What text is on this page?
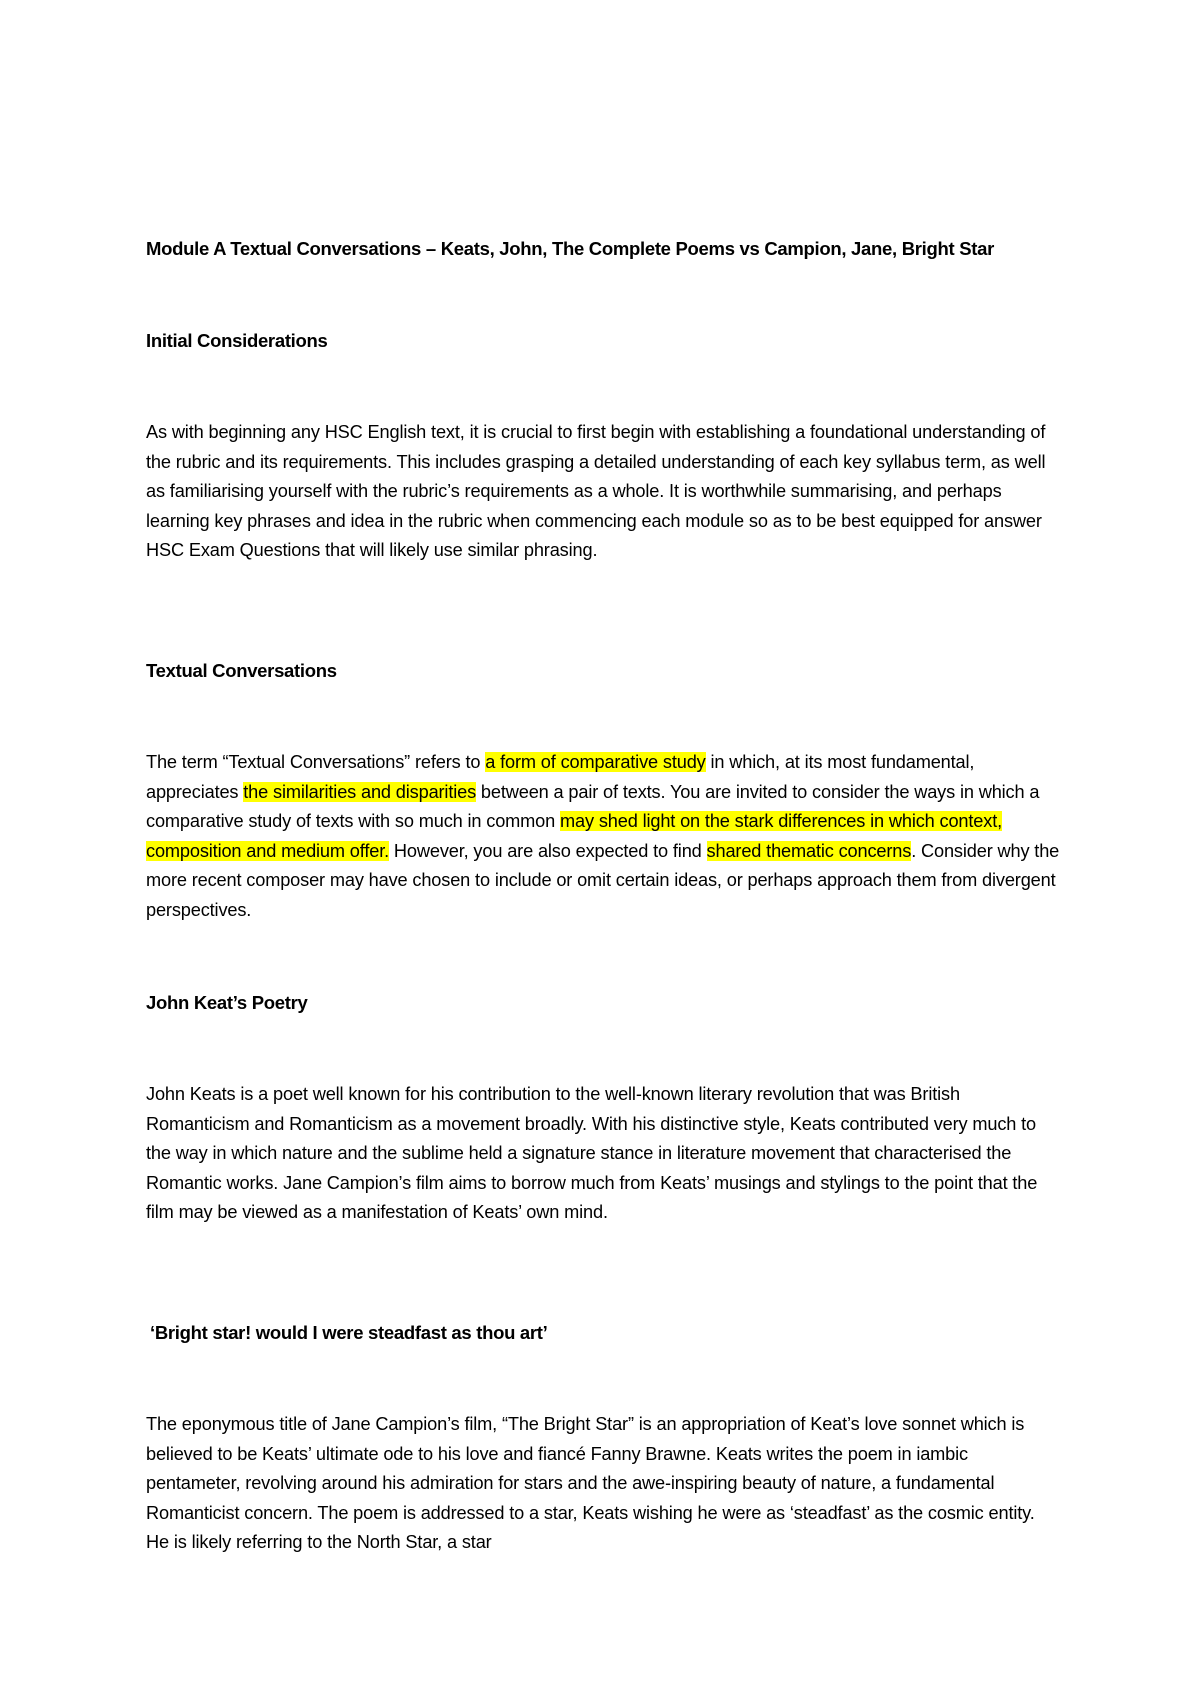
Module A Textual Conversations – Keats, John, The Complete Poems vs Campion, Jane, Bright Star
Initial Considerations

As with beginning any HSC English text, it is crucial to first begin with establishing a foundational understanding of the rubric and its requirements. This includes grasping a detailed understanding of each key syllabus term, as well as familiarising yourself with the rubric’s requirements as a whole. It is worthwhile summarising, and perhaps learning key phrases and idea in the rubric when commencing each module so as to be best equipped for answer HSC Exam Questions that will likely use similar phrasing.

Textual Conversations

The term “Textual Conversations” refers to a form of comparative study in which, at its most fundamental, appreciates the similarities and disparities between a pair of texts. You are invited to consider the ways in which a comparative study of texts with so much in common may shed light on the stark differences in which context, composition and medium offer. However, you are also expected to find shared thematic concerns. Consider why the more recent composer may have chosen to include or omit certain ideas, or perhaps approach them from divergent perspectives.

John Keat’s Poetry

John Keats is a poet well known for his contribution to the well-known literary revolution that was British Romanticism and Romanticism as a movement broadly. With his distinctive style, Keats contributed very much to the way in which nature and the sublime held a signature stance in literature movement that characterised the Romantic works. Jane Campion’s film aims to borrow much from Keats’ musings and stylings to the point that the film may be viewed as a manifestation of Keats’ own mind.

‘Bright star! would I were steadfast as thou art’

The eponymous title of Jane Campion’s film, “The Bright Star” is an appropriation of Keat’s love sonnet which is believed to be Keats’ ultimate ode to his love and fiancé Fanny Brawne. Keats writes the poem in iambic pentameter, revolving around his admiration for stars and the awe-inspiring beauty of nature, a fundamental Romanticist concern. The poem is addressed to a star, Keats wishing he were as ‘steadfast’ as the cosmic entity. He is likely referring to the North Star, a star
